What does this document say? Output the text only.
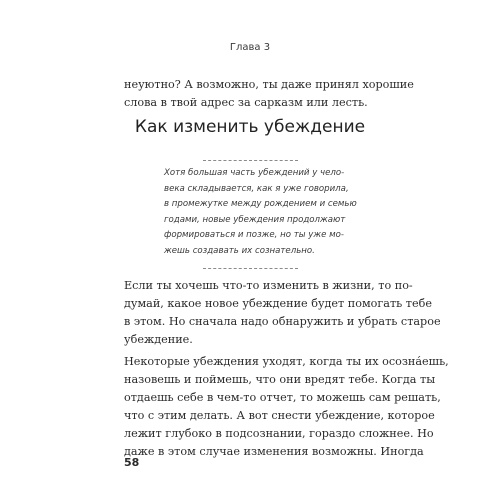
Глава 3

неуютно? А возможно, ты даже принял хорошие
слова в твой адрес за сарказм или лесть.

Как изменить убеждение

Хотя большая часть убеждений у чело-
века складывается, как я уже говорила,
в промежутке между рождением и семью
годами, новые убеждения продолжают
формироваться и позже, но ты уже мо-
жешь создавать их сознательно.

Если ты хочешь что-то изменить в жизни, то по-
думай, какое новое убеждение будет помогать тебе
в этом. Но сначала надо обнаружить и убрать старое
убеждение.

Некоторые убеждения уходят, когда ты их осозна́ешь,
назовешь и поймешь, что они вредят тебе. Когда ты
отдаешь себе в чем-то отчет, то можешь сам решать,
что с этим делать. А вот снести убеждение, которое
лежит глубоко в подсознании, гораздо сложнее. Но
даже в этом случае изменения возможны. Иногда

58
